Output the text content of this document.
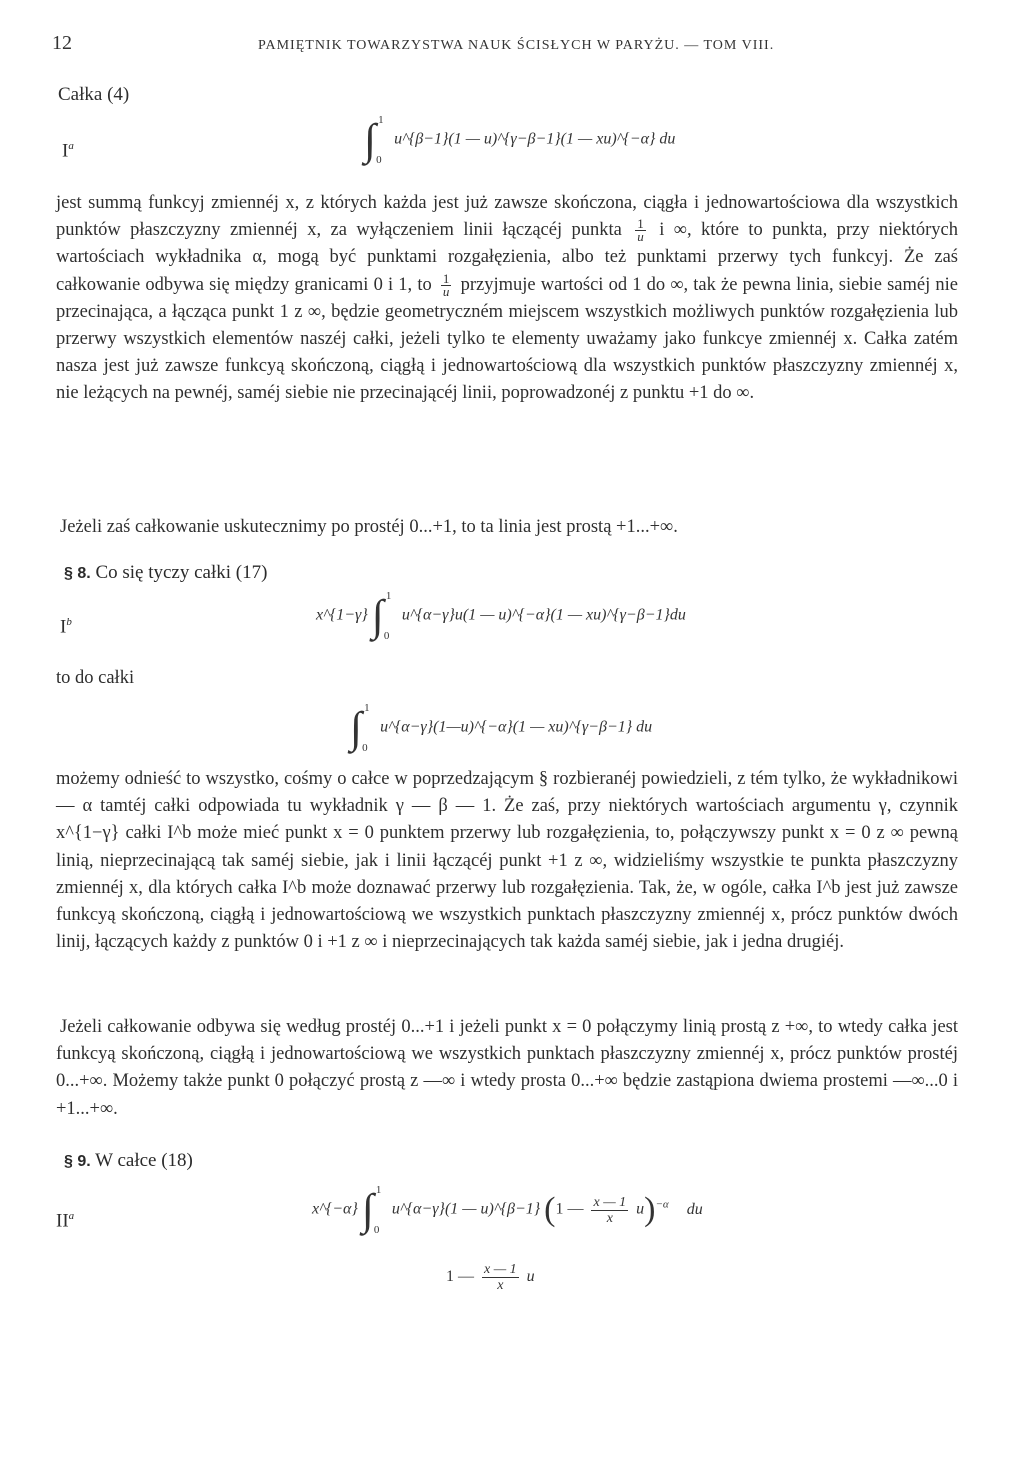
12	PAMIĘTNIK TOWARZYSTWA NAUK ŚCISŁYCH W PARYŻU. — TOM VIII.
Całka (4)
$I^a$	∫ 1
0
u^{β−1}(1 — u)^{γ−β−1}(1 — xu)^{−α} du

jest summą funkcyj zmiennéj x, z których każda jest już zawsze skończona, ciągła i jednowartościowa dla wszystkich punktów płaszczyzny zmiennéj x, za wyłączeniem linii łączącéj punkta $\frac{1}{u}$ i ∞, które to punkta, przy niektórych wartościach wykładnika α, mogą być punktami rozgałęzienia, albo też punktami przerwy tych funkcyj. Że zaś całkowanie odbywa się między granicami 0 i 1, to $\frac{1}{u}$ przyjmuje wartości od 1 do ∞, tak że pewna linia, siebie saméj nie przecinająca, a łącząca punkt 1 z ∞, będzie geometryczném miejscem wszystkich możliwych punktów rozgałęzienia lub przerwy wszystkich elementów naszéj całki, jeżeli tylko te elementy uważamy jako funkcye zmiennéj x. Całka zatém nasza jest już zawsze funkcyą skończoną, ciągłą i jednowartościową dla wszystkich punktów płaszczyzny zmiennéj x, nie leżących na pewnéj, saméj siebie nie przecinającéj linii, poprowadzonéj z punktu +1 do ∞.

Jeżeli zaś całkowanie uskutecznimy po prostéj 0...+1, to ta linia jest prostą +1...+∞.

§ 8. Co się tyczy całki (17)
$I^b$	x^{1−γ} ∫ 1
0
u^{α−γ}u(1 — u)^{−α}(1 — xu)^{γ−β−1}du
to do całki
∫ 1
0
u^{α−γ}(1—u)^{−α}(1 — xu)^{γ−β−1} du

możemy odnieść to wszystko, cośmy o całce w poprzedzającym § rozbieranéj powiedzieli, z tém tylko, że wykładnikowi — α tamtéj całki odpowiada tu wykładnik γ — β — 1. Że zaś, przy niektórych wartościach argumentu γ, czynnik x^{1−γ} całki I^b może mieć punkt x = 0 punktem przerwy lub rozgałęzienia, to, połączywszy punkt x = 0 z ∞ pewną linią, nieprzecinającą tak saméj siebie, jak i linii łączącéj punkt +1 z ∞, widzieliśmy wszystkie te punkta płaszczyzny zmiennéj x, dla których całka I^b może doznawać przerwy lub rozgałęzienia. Tak, że, w ogóle, całka I^b jest już zawsze funkcyą skończoną, ciągłą i jednowartościową we wszystkich punktach płaszczyzny zmiennéj x, prócz punktów dwóch linij, łączących każdy z punktów 0 i +1 z ∞ i nieprzecinających tak każda saméj siebie, jak i jedna drugiéj.

Jeżeli całkowanie odbywa się według prostéj 0...+1 i jeżeli punkt x = 0 połączymy linią prostą z +∞, to wtedy całka jest funkcyą skończoną, ciągłą i jednowartościową we wszystkich punktach płaszczyzny zmiennéj x, prócz punktów prostéj 0...+∞. Możemy także punkt 0 połączyć prostą z —∞ i wtedy prosta 0...+∞ będzie zastąpiona dwiema prostemi —∞...0 i +1...+∞.

§ 9. W całce (18)
$II^a$	x^{−α} ∫ 1
0
u^{α−γ}(1 — u)^{β−1} (1 — $\frac{x — 1}{x} u)^{-\alpha}$ du
1 — $\frac{x — 1}{x}$ u
